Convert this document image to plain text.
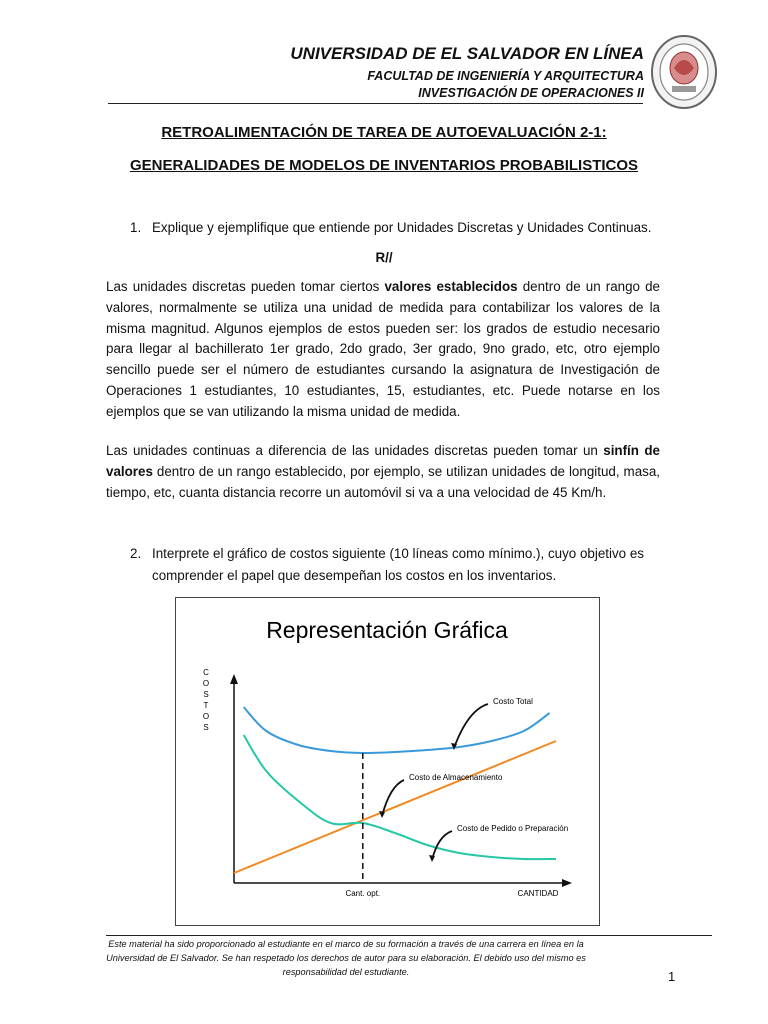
UNIVERSIDAD DE EL SALVADOR EN LÍNEA
FACULTAD DE INGENIERÍA Y ARQUITECTURA
INVESTIGACIÓN DE OPERACIONES II
RETROALIMENTACIÓN DE TAREA DE AUTOEVALUACIÓN 2-1:
GENERALIDADES DE MODELOS DE INVENTARIOS PROBABILISTICOS
1. Explique y ejemplifique que entiende por Unidades Discretas y Unidades Continuas.
R//
Las unidades discretas pueden tomar ciertos valores establecidos dentro de un rango de valores, normalmente se utiliza una unidad de medida para contabilizar los valores de la misma magnitud. Algunos ejemplos de estos pueden ser: los grados de estudio necesario para llegar al bachillerato 1er grado, 2do grado, 3er grado, 9no grado, etc, otro ejemplo sencillo puede ser el número de estudiantes cursando la asignatura de Investigación de Operaciones 1 estudiantes, 10 estudiantes, 15, estudiantes, etc. Puede notarse en los ejemplos que se van utilizando la misma unidad de medida.
Las unidades continuas a diferencia de las unidades discretas pueden tomar un sinfín de valores dentro de un rango establecido, por ejemplo, se utilizan unidades de longitud, masa, tiempo, etc, cuanta distancia recorre un automóvil si va a una velocidad de 45 Km/h.
2. Interprete el gráfico de costos siguiente (10 líneas como mínimo.), cuyo objetivo es comprender el papel que desempeñan los costos en los inventarios.
Representación Gráfica
C O S T O S
CANTIDAD
Cant. opt.
Costo Total
Costo de Almacenamiento
Costo de Pedido o Preparación
Este material ha sido proporcionado al estudiante en el marco de su formación a través de una carrera en línea en la Universidad de El Salvador. Se han respetado los derechos de autor para su elaboración. El debido uso del mismo es responsabilidad del estudiante.	1
